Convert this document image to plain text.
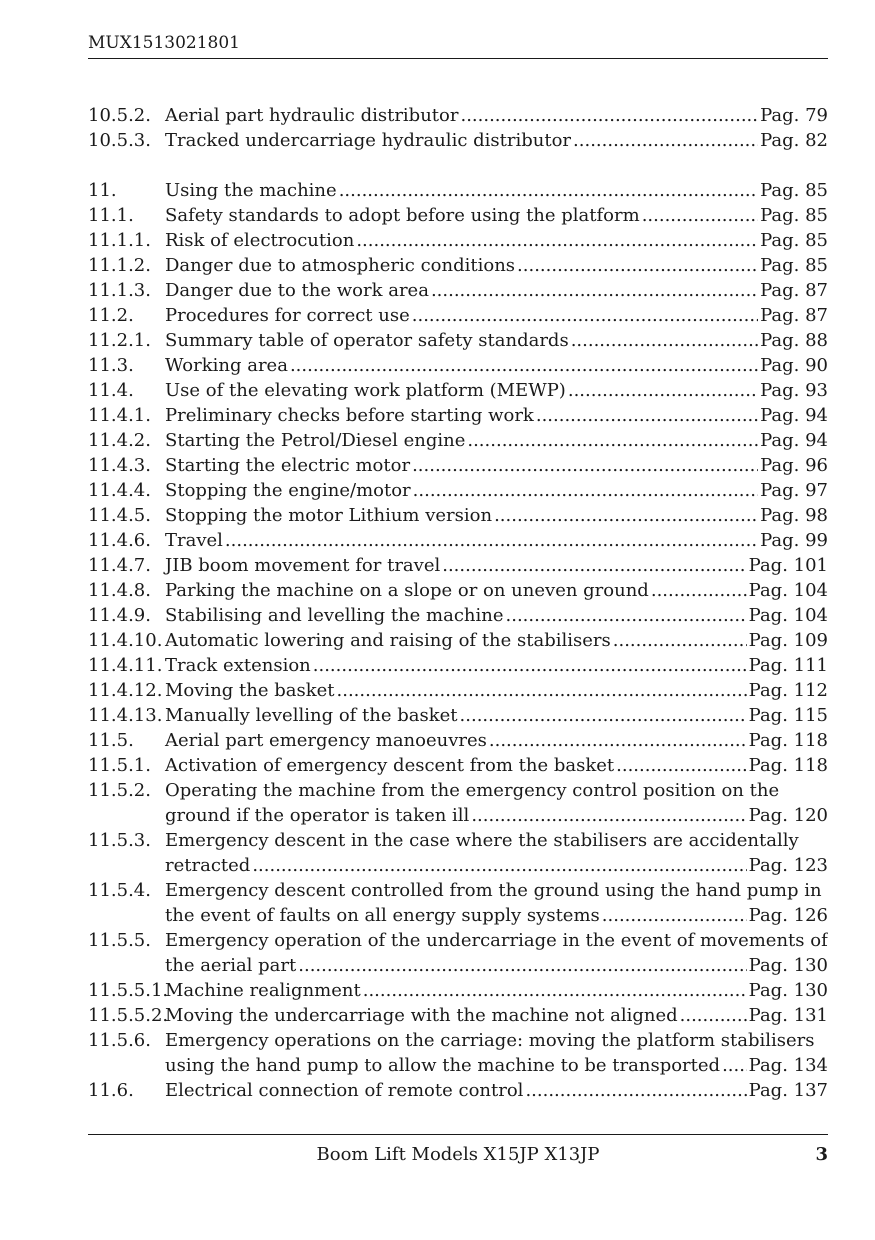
MUX1513021801
10.5.2. Aerial part hydraulic distributor .....	Pag. 79
10.5.3. Tracked undercarriage hydraulic distributor .....	Pag. 82
11.	Using the machine .....	Pag. 85
11.1.	Safety standards to adopt before using the platform .....	Pag. 85
11.1.1. Risk of electrocution .....	Pag. 85
11.1.2. Danger due to atmospheric conditions .....	Pag. 85
11.1.3. Danger due to the work area .....	Pag. 87
11.2.	Procedures for correct use .....	Pag. 87
11.2.1. Summary table of operator safety standards .....	Pag. 88
11.3.	Working area .....	Pag. 90
11.4.	Use of the elevating work platform (MEWP) .....	Pag. 93
11.4.1. Preliminary checks before starting work .....	Pag. 94
11.4.2. Starting the Petrol/Diesel engine .....	Pag. 94
11.4.3. Starting the electric motor .....	Pag. 96
11.4.4. Stopping the engine/motor .....	Pag. 97
11.4.5. Stopping the motor Lithium version .....	Pag. 98
11.4.6. Travel .....	Pag. 99
11.4.7. JIB boom movement for travel .....	Pag. 101
11.4.8. Parking the machine on a slope or on uneven ground .....	Pag. 104
11.4.9. Stabilising and levelling the machine .....	Pag. 104
11.4.10. Automatic lowering and raising of the stabilisers .....	Pag. 109
11.4.11. Track extension .....	Pag. 111
11.4.12. Moving the basket .....	Pag. 112
11.4.13. Manually levelling of the basket .....	Pag. 115
11.5.	Aerial part emergency manoeuvres .....	Pag. 118
11.5.1. Activation of emergency descent from the basket .....	Pag. 118
11.5.2. Operating the machine from the emergency control position on the
ground if the operator is taken ill .....	Pag. 120
11.5.3. Emergency descent in the case where the stabilisers are accidentally
retracted .....	Pag. 123
11.5.4. Emergency descent controlled from the ground using the hand pump in
the event of faults on all energy supply systems .....	Pag. 126
11.5.5. Emergency operation of the undercarriage in the event of movements of
the aerial part .....	Pag. 130
11.5.5.1.
Machine realignment .....	Pag. 130
11.5.5.2.
Moving the undercarriage with the machine not aligned .....	Pag. 131
11.5.6. Emergency operations on the carriage: moving the platform stabilisers
using the hand pump to allow the machine to be transported ..... Pag. 134
11.6.	Electrical connection of remote control .....	Pag. 137
Boom Lift Models X15JP X13JP	3
